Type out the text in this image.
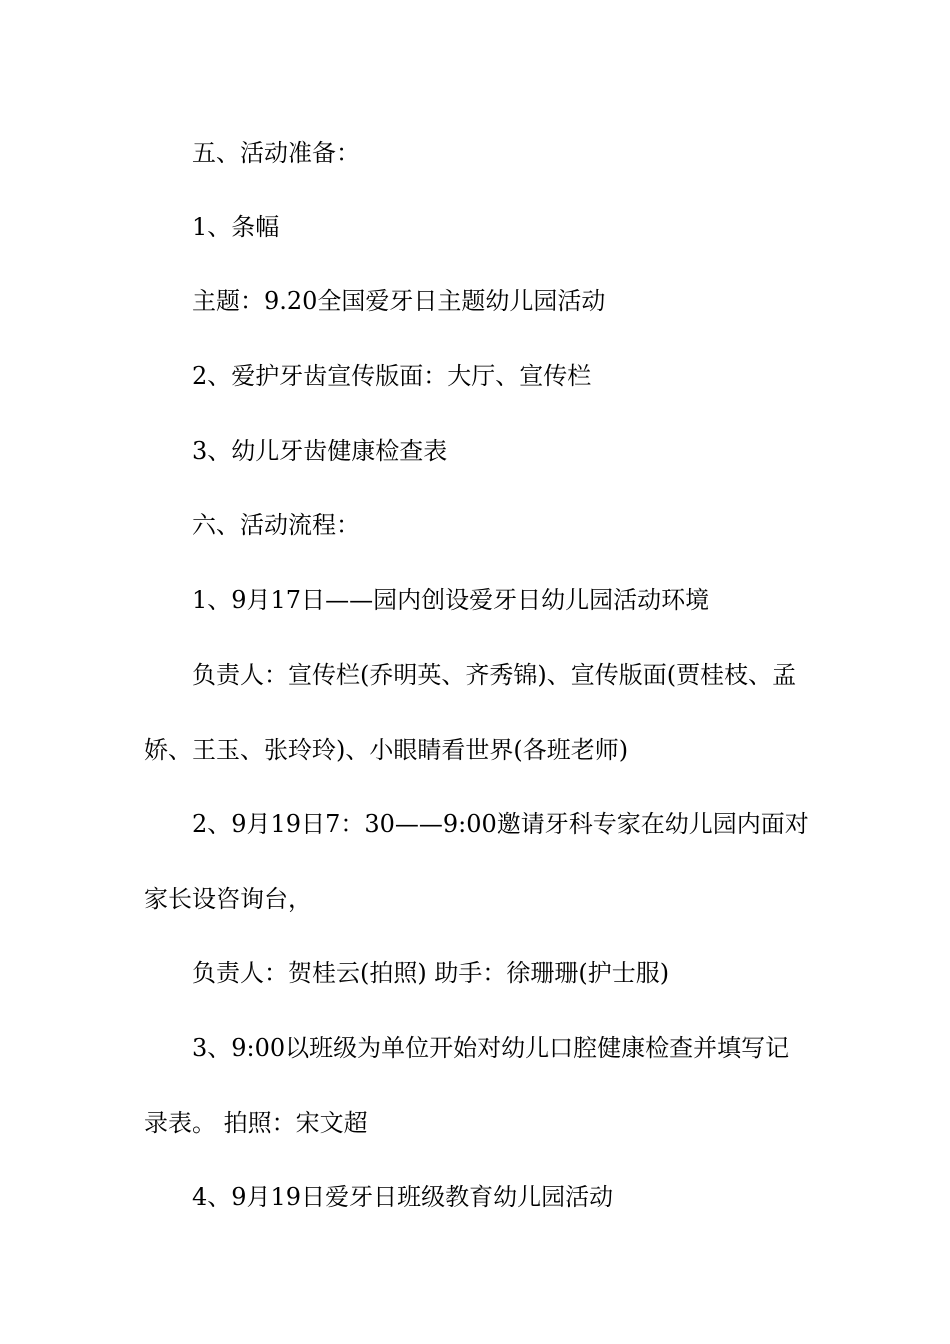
五、活动准备：
1、条幅
主题：9.20全国爱牙日主题幼儿园活动
2、爱护牙齿宣传版面：大厅、宣传栏
3、幼儿牙齿健康检查表
六、活动流程：
1、9月17日——园内创设爱牙日幼儿园活动环境
负责人：宣传栏(乔明英、齐秀锦)、宣传版面(贾桂枝、孟
娇、王玉、张玲玲)、小眼睛看世界(各班老师)
2、9月19日7：30——9:00邀请牙科专家在幼儿园内面对
家长设咨询台，
负责人：贺桂云(拍照) 助手：徐珊珊(护士服)
3、9:00以班级为单位开始对幼儿口腔健康检查并填写记
录表。 拍照：宋文超
4、9月19日爱牙日班级教育幼儿园活动
